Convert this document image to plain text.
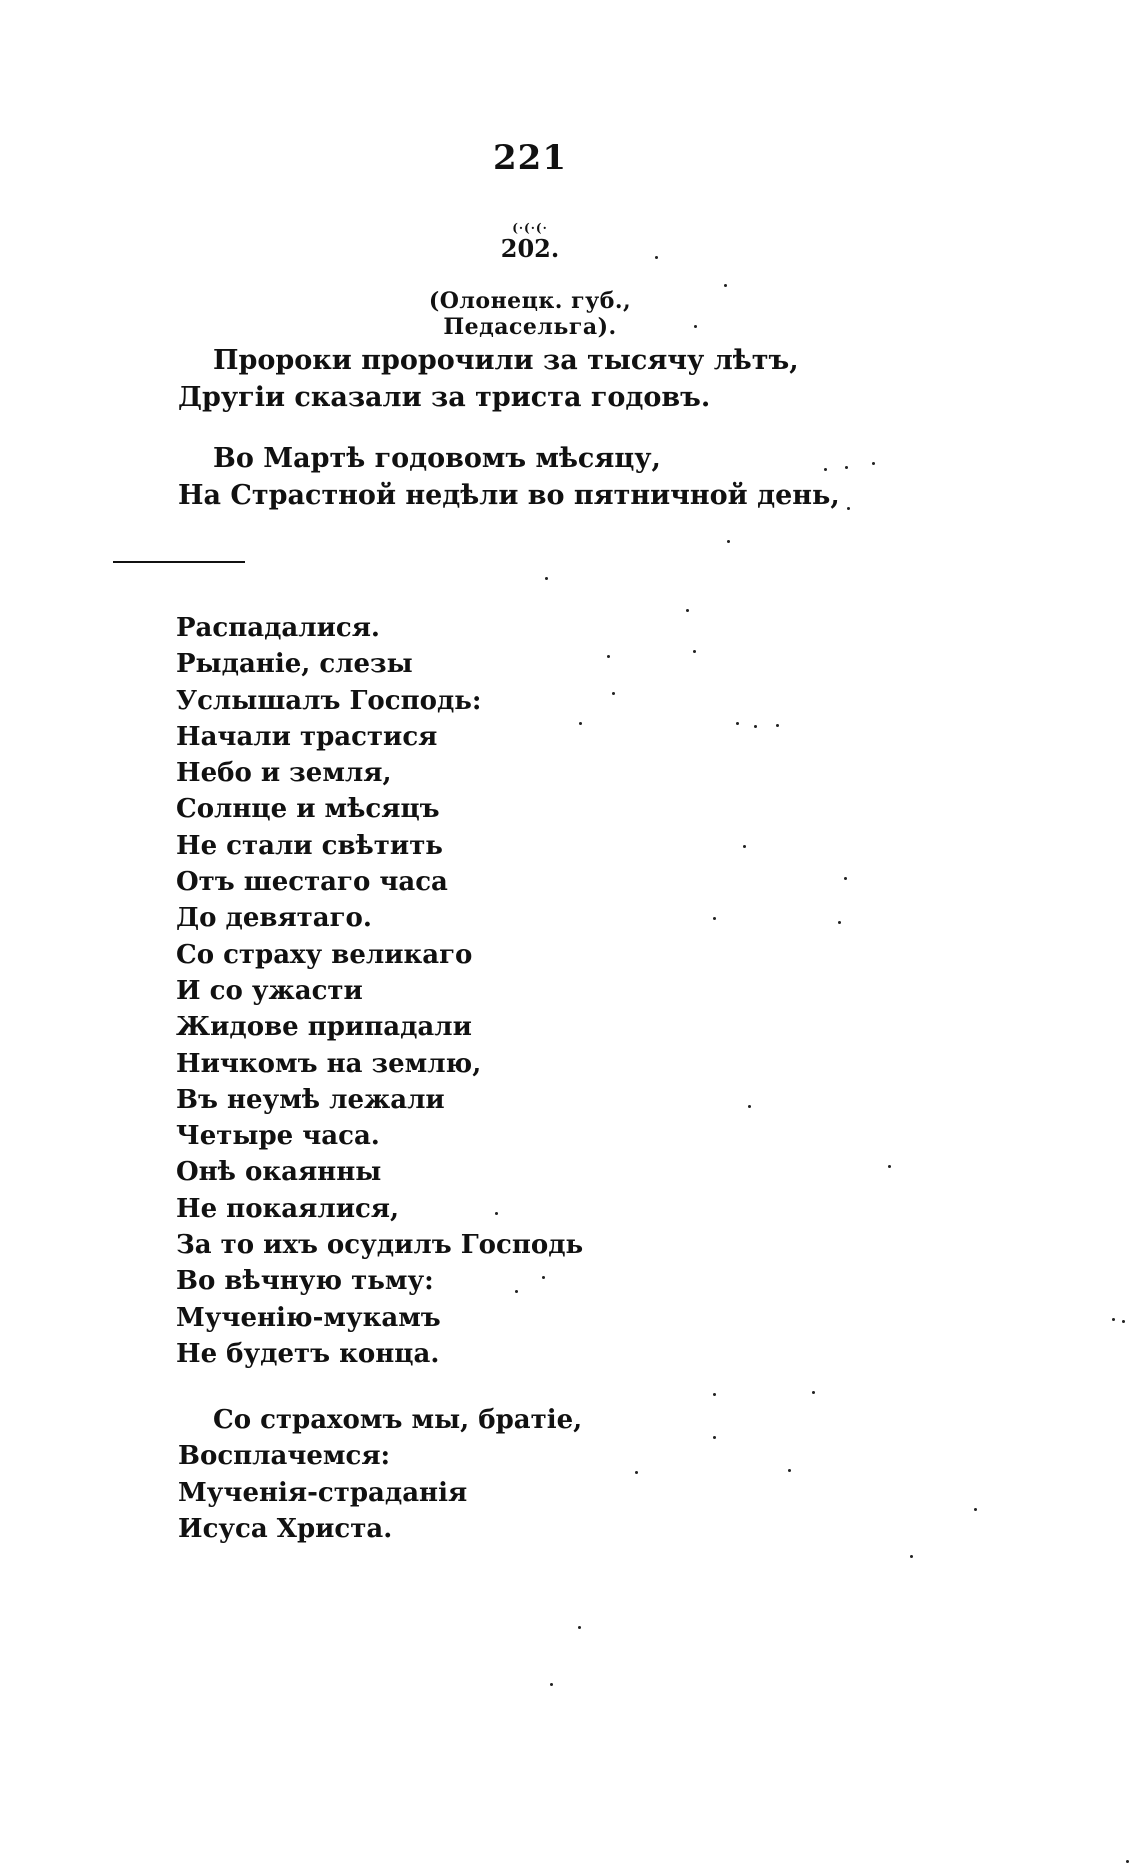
221
(·(·(· 202.
(Олонецк. губ., Педасельга).
Пророки пророчили за тысячу лѣтъ,
Другіи сказали за триста годовъ.
Во Мартѣ годовомъ мѣсяцу,
На Страстной недѣли во пятничной день,
Распадалися.
Рыданіе, слезы
Услышалъ Господь:
Начали трастися
Небо и земля,
Солнце и мѣсяцъ
Не стали свѣтить
Отъ шестаго часа
До девятаго.
Со страху великаго
И со ужасти
Жидове припадали
Ничкомъ на землю,
Въ неумѣ лежали
Четыре часа.
Онѣ окаянны
Не покаялися,
За то ихъ осудилъ Господь
Во вѣчную тьму:
Мученію-мукамъ
Не будетъ конца.
Со страхомъ мы, братіе,
Восплачемся:
Мученія-страданія
Исуса Христа.
